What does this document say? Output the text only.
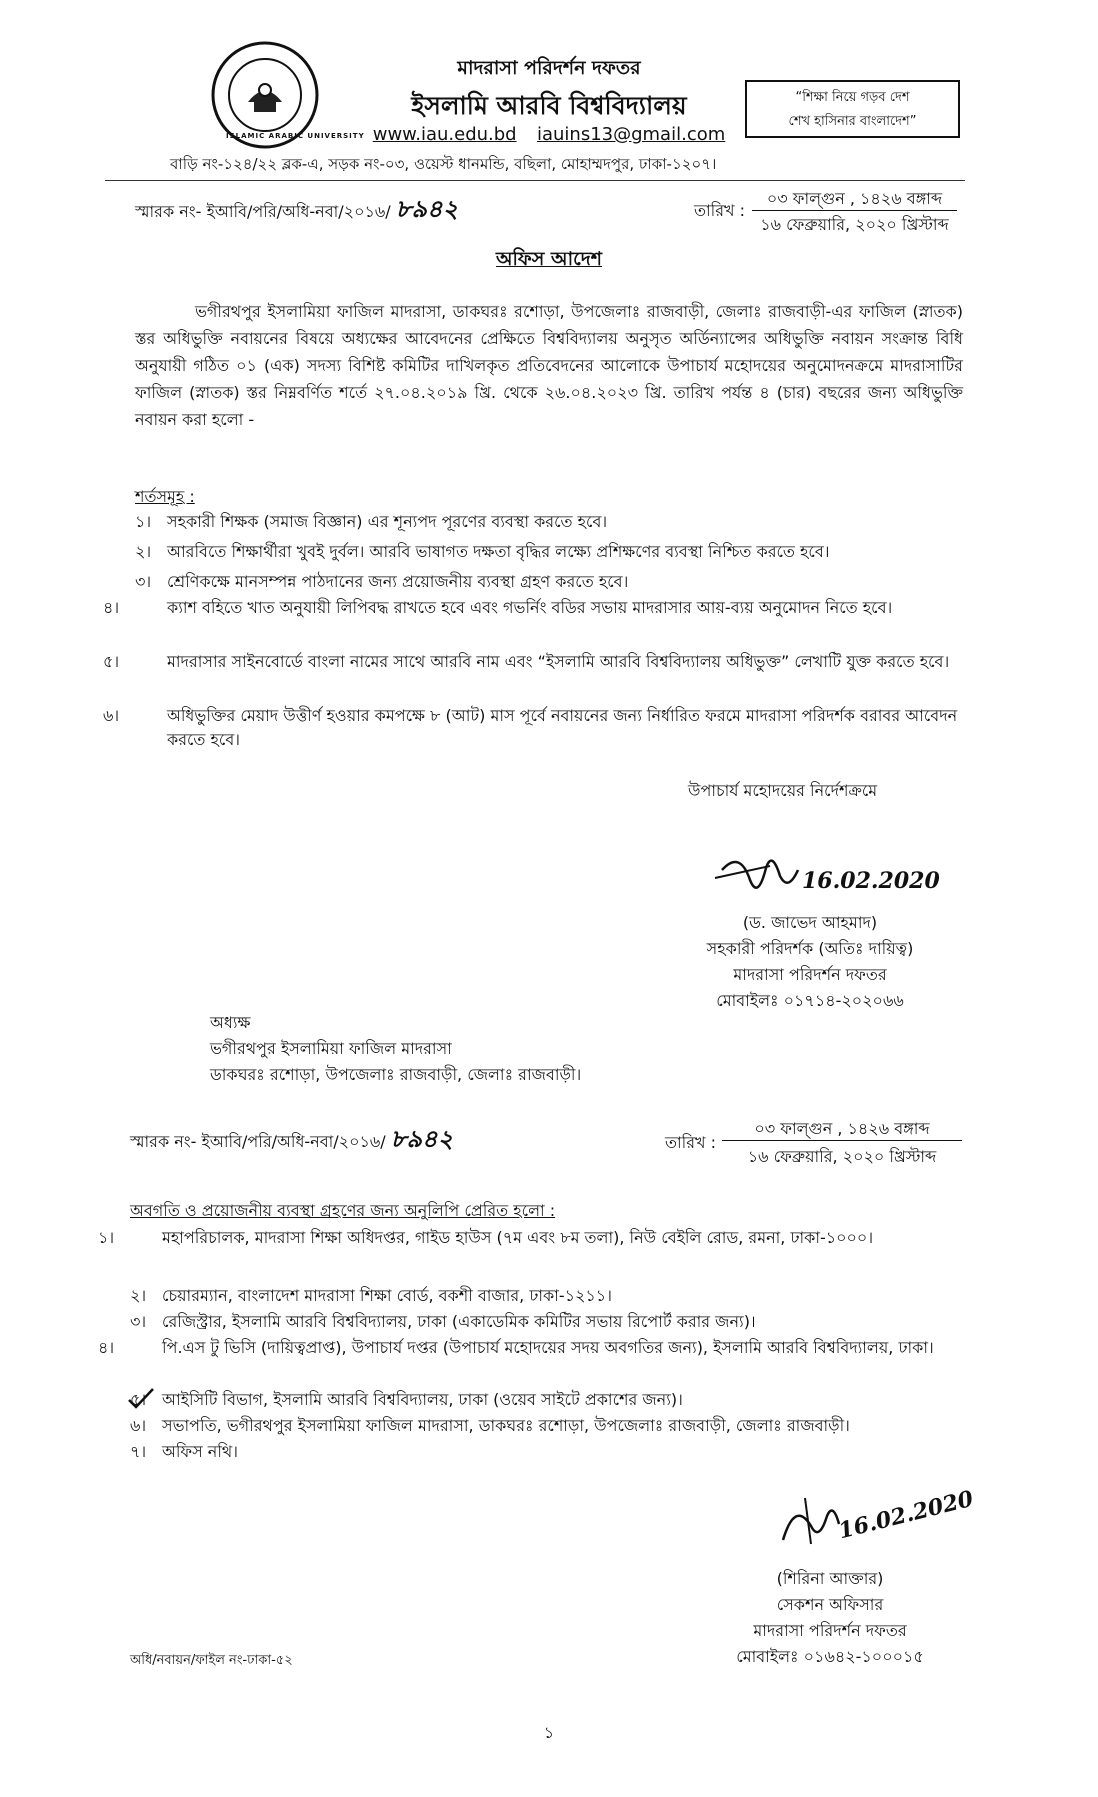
ISLAMIC ARABIC UNIVERSITY
মাদরাসা পরিদর্শন দফতর
ইসলামি আরবি বিশ্ববিদ্যালয়
www.iau.edu.bd iauins13@gmail.com
বাড়ি নং-১২৪/২২ ব্লক-এ, সড়ক নং-০৩, ওয়েস্ট ধানমন্ডি, বছিলা, মোহাম্মদপুর, ঢাকা-১২০৭।
“শিক্ষা নিয়ে গড়ব দেশ
শেখ হাসিনার বাংলাদেশ”
স্মারক নং- ইআবি/পরি/অধি-নবা/২০১৬/ ৮৯৪২	তারিখ :
০৩ ফাল্গুন , ১৪২৬ বঙ্গাব্দ
১৬ ফেব্রুয়ারি, ২০২০ খ্রিস্টাব্দ
অফিস আদেশ
ভগীরথপুর ইসলামিয়া ফাজিল মাদরাসা, ডাকঘরঃ রশোড়া, উপজেলাঃ রাজবাড়ী, জেলাঃ রাজবাড়ী-এর ফাজিল (স্নাতক) স্তর অধিভুক্তি নবায়নের বিষয়ে অধ্যক্ষের আবেদনের প্রেক্ষিতে বিশ্ববিদ্যালয় অনুসৃত অর্ডিন্যান্সের অধিভুক্তি নবায়ন সংক্রান্ত বিধি অনুযায়ী গঠিত ০১ (এক) সদস্য বিশিষ্ট কমিটির দাখিলকৃত প্রতিবেদনের আলোকে উপাচার্য মহোদয়ের অনুমোদনক্রমে মাদরাসাটির ফাজিল (স্নাতক) স্তর নিম্নবর্ণিত শর্তে ২৭.০৪.২০১৯ খ্রি. থেকে ২৬.০৪.২০২৩ খ্রি. তারিখ পর্যন্ত ৪ (চার) বছরের জন্য অধিভুক্তি নবায়ন করা হলো -
শর্তসমূহ :
১। সহকারী শিক্ষক (সমাজ বিজ্ঞান) এর শূন্যপদ পূরণের ব্যবস্থা করতে হবে।
২। আরবিতে শিক্ষার্থীরা খুবই দুর্বল। আরবি ভাষাগত দক্ষতা বৃদ্ধির লক্ষ্যে প্রশিক্ষণের ব্যবস্থা নিশ্চিত করতে হবে।
৩। শ্রেণিকক্ষে মানসম্পন্ন পাঠদানের জন্য প্রয়োজনীয় ব্যবস্থা গ্রহণ করতে হবে।
৪।	ক্যাশ বহিতে খাত অনুযায়ী লিপিবদ্ধ রাখতে হবে এবং গভর্নিং বডির সভায় মাদরাসার আয়-ব্যয় অনুমোদন নিতে হবে।
৫।	মাদরাসার সাইনবোর্ডে বাংলা নামের সাথে আরবি নাম এবং “ইসলামি আরবি বিশ্ববিদ্যালয় অধিভুক্ত” লেখাটি যুক্ত করতে হবে।
৬।	অধিভুক্তির মেয়াদ উত্তীর্ণ হওয়ার কমপক্ষে ৮ (আট) মাস পূর্বে নবায়নের জন্য নির্ধারিত ফরমে মাদরাসা পরিদর্শক বরাবর আবেদন করতে হবে।
উপাচার্য মহোদয়ের নির্দেশক্রমে
16.02.2020
(ড. জাভেদ আহমাদ)
সহকারী পরিদর্শক (অতিঃ দায়িত্ব)
মাদরাসা পরিদর্শন দফতর
মোবাইলঃ ০১৭১৪-২০২০৬৬
অধ্যক্ষ
ভগীরথপুর ইসলামিয়া ফাজিল মাদরাসা
ডাকঘরঃ রশোড়া, উপজেলাঃ রাজবাড়ী, জেলাঃ রাজবাড়ী।
স্মারক নং- ইআবি/পরি/অধি-নবা/২০১৬/ ৮৯৪২	তারিখ :
০৩ ফাল্গুন , ১৪২৬ বঙ্গাব্দ
১৬ ফেব্রুয়ারি, ২০২০ খ্রিস্টাব্দ
অবগতি ও প্রয়োজনীয় ব্যবস্থা গ্রহণের জন্য অনুলিপি প্রেরিত হলো :
১।	মহাপরিচালক, মাদরাসা শিক্ষা অধিদপ্তর, গাইড হাউস (৭ম এবং ৮ম তলা), নিউ বেইলি রোড, রমনা, ঢাকা-১০০০।
২। চেয়ারম্যান, বাংলাদেশ মাদরাসা শিক্ষা বোর্ড, বকশী বাজার, ঢাকা-১২১১।
৩। রেজিস্ট্রার, ইসলামি আরবি বিশ্ববিদ্যালয়, ঢাকা (একাডেমিক কমিটির সভায় রিপোর্ট করার জন্য)।
৪।	পি.এস টু ভিসি (দায়িত্বপ্রাপ্ত), উপাচার্য দপ্তর (উপাচার্য মহোদয়ের সদয় অবগতির জন্য), ইসলামি আরবি বিশ্ববিদ্যালয়, ঢাকা।
৫। আইসিটি বিভাগ, ইসলামি আরবি বিশ্ববিদ্যালয়, ঢাকা (ওয়েব সাইটে প্রকাশের জন্য)।
৬। সভাপতি, ভগীরথপুর ইসলামিয়া ফাজিল মাদরাসা, ডাকঘরঃ রশোড়া, উপজেলাঃ রাজবাড়ী, জেলাঃ রাজবাড়ী।
৭। অফিস নথি।
16.02.2020
(শিরিনা আক্তার)
সেকশন অফিসার
মাদরাসা পরিদর্শন দফতর
মোবাইলঃ ০১৬৪২-১০০০১৫
অধি/নবায়ন/ফাইল নং-ঢাকা-৫২
১
